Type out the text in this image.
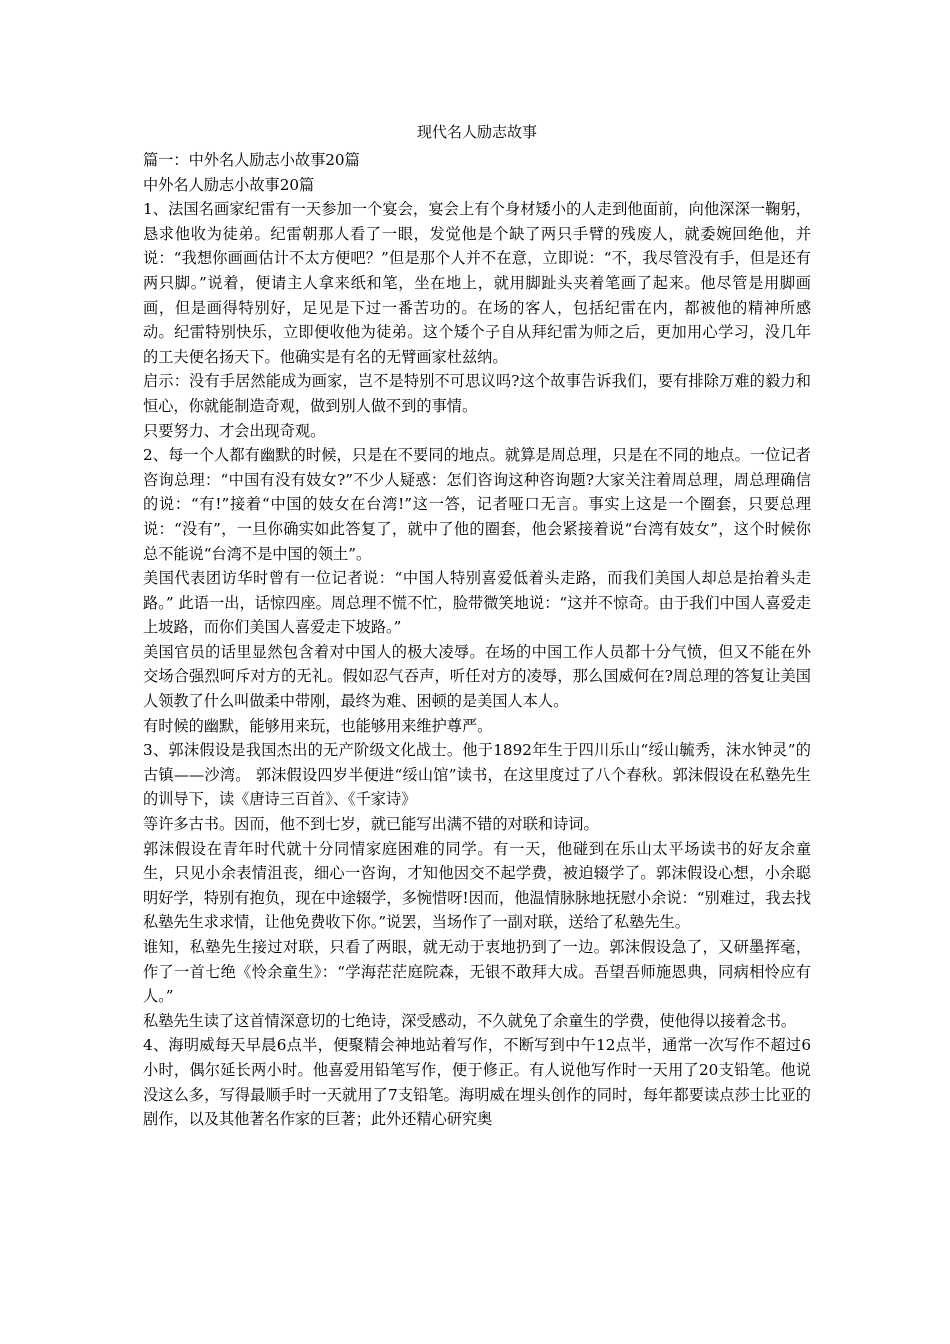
现代名人励志故事

篇一：中外名人励志小故事20篇

中外名人励志小故事20篇

1、法国名画家纪雷有一天参加一个宴会，宴会上有个身材矮小的人走到他面前，向他深深一鞠躬，恳求他收为徒弟。纪雷朝那人看了一眼，发觉他是个缺了两只手臂的残废人，就委婉回绝他，并说：“我想你画画估计不太方便吧？”但是那个人并不在意，立即说：“不，我尽管没有手，但是还有两只脚。”说着，便请主人拿来纸和笔，坐在地上，就用脚趾头夹着笔画了起来。他尽管是用脚画画，但是画得特别好，足见是下过一番苦功的。在场的客人，包括纪雷在内，都被他的精神所感动。纪雷特别快乐，立即便收他为徒弟。这个矮个子自从拜纪雷为师之后，更加用心学习，没几年的工夫便名扬天下。他确实是有名的无臂画家杜兹纳。

启示：没有手居然能成为画家，岂不是特别不可思议吗?这个故事告诉我们，要有排除万难的毅力和恒心，你就能制造奇观，做到别人做不到的事情。

只要努力、才会出现奇观。

2、每一个人都有幽默的时候，只是在不要同的地点。就算是周总理，只是在不同的地点。一位记者咨询总理：“中国有没有妓女?”不少人疑惑：怎们咨询这种咨询题?大家关注着周总理，周总理确信的说：“有!”接着“中国的妓女在台湾!”这一答，记者哑口无言。事实上这是一个圈套，只要总理说：“没有”，一旦你确实如此答复了，就中了他的圈套，他会紧接着说“台湾有妓女”，这个时候你总不能说“台湾不是中国的领土”。

美国代表团访华时曾有一位记者说：“中国人特别喜爱低着头走路，而我们美国人却总是抬着头走路。” 此语一出，话惊四座。周总理不慌不忙，脸带微笑地说：“这并不惊奇。由于我们中国人喜爱走上坡路，而你们美国人喜爱走下坡路。”

美国官员的话里显然包含着对中国人的极大凌辱。在场的中国工作人员都十分气愤，但又不能在外交场合强烈呵斥对方的无礼。假如忍气吞声，听任对方的凌辱，那么国威何在?周总理的答复让美国人领教了什么叫做柔中带刚，最终为难、困顿的是美国人本人。

有时候的幽默，能够用来玩，也能够用来维护尊严。

3、郭沫假设是我国杰出的无产阶级文化战士。他于1892年生于四川乐山“绥山毓秀，沫水钟灵”的古镇——沙湾。 郭沫假设四岁半便进“绥山馆”读书，在这里度过了八个春秋。郭沫假设在私塾先生的训导下，读《唐诗三百首》、《千家诗》

等许多古书。因而，他不到七岁，就已能写出满不错的对联和诗词。

郭沫假设在青年时代就十分同情家庭困难的同学。有一天，他碰到在乐山太平场读书的好友余童生，只见小余表情沮丧，细心一咨询，才知他因交不起学费，被迫辍学了。郭沫假设心想，小余聪明好学，特别有抱负，现在中途辍学，多惋惜呀!因而，他温情脉脉地抚慰小余说：“别难过，我去找私塾先生求求情，让他免费收下你。”说罢，当场作了一副对联，送给了私塾先生。

谁知，私塾先生接过对联，只看了两眼，就无动于衷地扔到了一边。郭沫假设急了，又研墨挥毫，作了一首七绝《怜余童生》：“学海茫茫庭院森，无银不敢拜大成。吾望吾师施恩典，同病相怜应有人。”

私塾先生读了这首情深意切的七绝诗，深受感动，不久就免了余童生的学费，使他得以接着念书。

4、海明威每天早晨6点半，便聚精会神地站着写作，不断写到中午12点半，通常一次写作不超过6小时，偶尔延长两小时。他喜爱用铅笔写作，便于修正。有人说他写作时一天用了20支铅笔。他说没这么多，写得最顺手时一天就用了7支铅笔。海明威在埋头创作的同时，每年都要读点莎士比亚的剧作，以及其他著名作家的巨著；此外还精心研究奥
